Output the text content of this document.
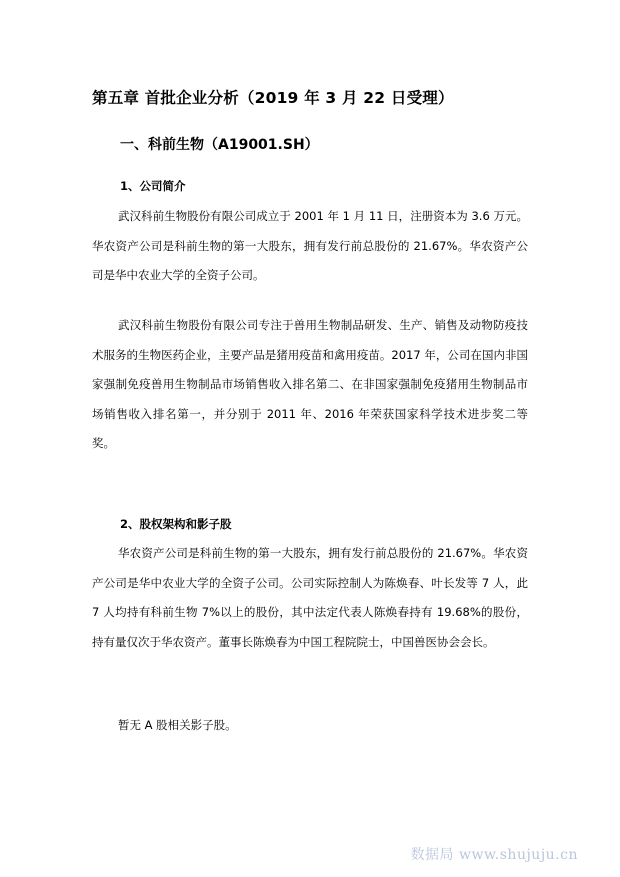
第五章 首批企业分析（2019 年 3 月 22 日受理）
一、科前生物（A19001.SH）
1、公司简介

武汉科前生物股份有限公司成立于 2001 年 1 月 11 日，注册资本为 3.6 万元。华农资产公司是科前生物的第一大股东，拥有发行前总股份的 21.67%。华农资产公司是华中农业大学的全资子公司。

武汉科前生物股份有限公司专注于兽用生物制品研发、生产、销售及动物防疫技术服务的生物医药企业，主要产品是猪用疫苗和禽用疫苗。2017 年，公司在国内非国家强制免疫兽用生物制品市场销售收入排名第二、在非国家强制免疫猪用生物制品市场销售收入排名第一，并分别于 2011 年、2016 年荣获国家科学技术进步奖二等奖。

2、股权架构和影子股

华农资产公司是科前生物的第一大股东，拥有发行前总股份的 21.67%。华农资产公司是华中农业大学的全资子公司。公司实际控制人为陈焕春、叶长发等 7 人，此 7 人均持有科前生物 7%以上的股份，其中法定代表人陈焕春持有 19.68%的股份，持有量仅次于华农资产。董事长陈焕春为中国工程院院士，中国兽医协会会长。

暂无 A 股相关影子股。

数据局 www.shujuju.cn
